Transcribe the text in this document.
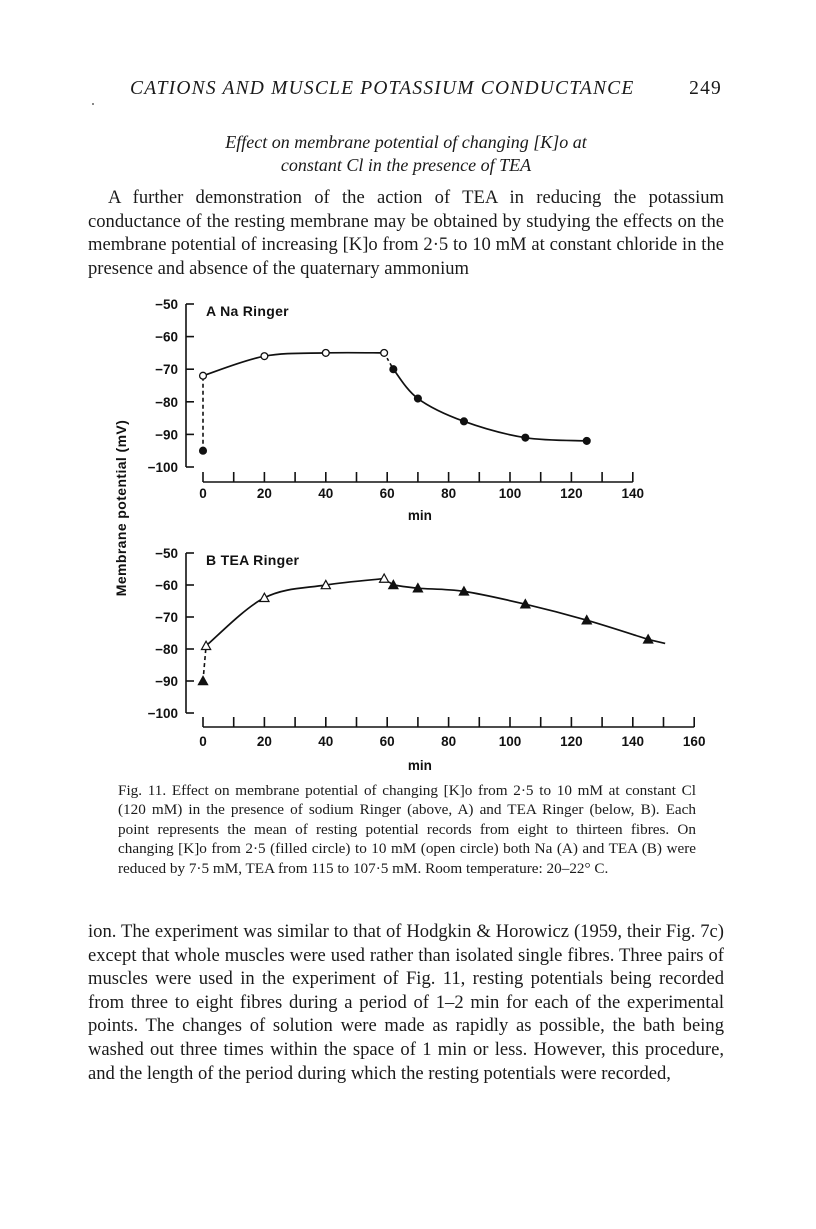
CATIONS AND MUSCLE POTASSIUM CONDUCTANCE	249
Effect on membrane potential of changing [K]o at
constant Cl in the presence of TEA
A further demonstration of the action of TEA in reducing the potassium conductance of the resting membrane may be obtained by studying the effects on the membrane potential of increasing [K]o from 2·5 to 10 mM at constant chloride in the presence and absence of the quaternary ammonium
Membrane potential (mV)
−50
−60
−70
−80
−90
−100
0	20	40	60	80	100	120	140
min
A Na Ringer
−50
−60
−70
−80
−90
−100
0	20	40	60	80	100	120	140	160
min
B TEA Ringer
Fig. 11. Effect on membrane potential of changing [K]o from 2·5 to 10 mM at constant Cl (120 mM) in the presence of sodium Ringer (above, A) and TEA Ringer (below, B). Each point represents the mean of resting potential records from eight to thirteen fibres. On changing [K]o from 2·5 (filled circle) to 10 mM (open circle) both Na (A) and TEA (B) were reduced by 7·5 mM, TEA from 115 to 107·5 mM. Room temperature: 20–22° C.
ion. The experiment was similar to that of Hodgkin & Horowicz (1959, their Fig. 7c) except that whole muscles were used rather than isolated single fibres. Three pairs of muscles were used in the experiment of Fig. 11, resting potentials being recorded from three to eight fibres during a period of 1–2 min for each of the experimental points. The changes of solution were made as rapidly as possible, the bath being washed out three times within the space of 1 min or less. However, this procedure, and the length of the period during which the resting potentials were recorded,
